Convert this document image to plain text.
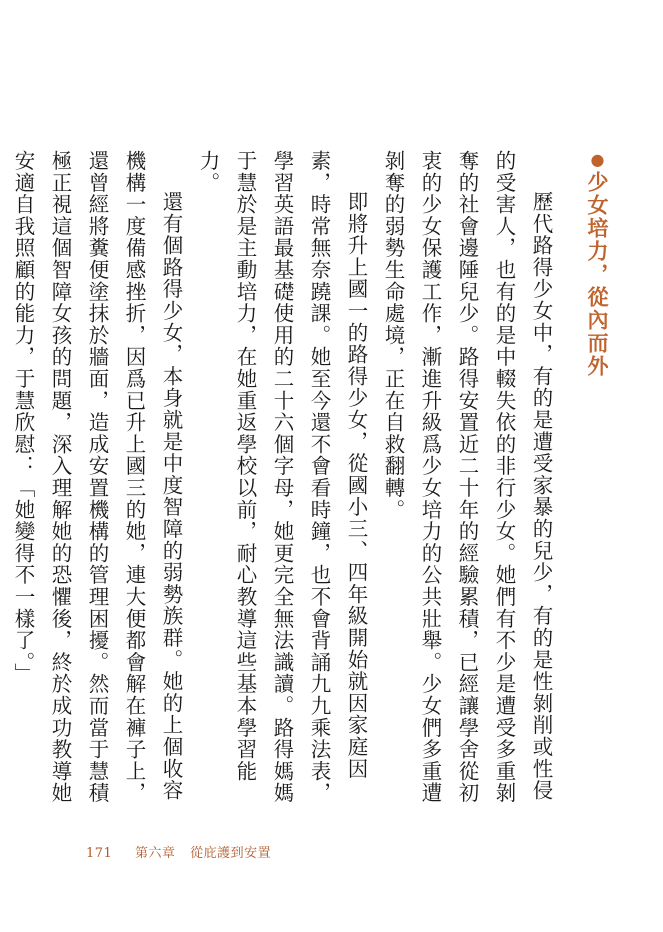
●少女培力，從內而外

歷代路得少女中，有的是遭受家暴的兒少，有的是性剝削或性侵的受害人，也有的是中輟失依的非行少女。她們有不少是遭受多重剝奪的社會邊陲兒少。路得安置近二十年的經驗累積，已經讓學舍從初衷的少女保護工作，漸進升級爲少女培力的公共壯舉。少女們多重遭剝奪的弱勢生命處境，正在自救翻轉。

即將升上國一的路得少女，從國小三、四年級開始就因家庭因素，時常無奈蹺課。她至今還不會看時鐘，也不會背誦九九乘法表，學習英語最基礎使用的二十六個字母，她更完全無法識讀。路得媽媽于慧於是主動培力，在她重返學校以前，耐心教導這些基本學習能力。

還有個路得少女，本身就是中度智障的弱勢族群。她的上個收容機構一度備感挫折，因爲已升上國三的她，連大便都會解在褲子上，還曾經將糞便塗抹於牆面，造成安置機構的管理困擾。然而當于慧積極正視這個智障女孩的問題，深入理解她的恐懼後，終於成功教導她安適自我照顧的能力，于慧欣慰：「她變得不一樣了。」

171 第六章 從庇護到安置
